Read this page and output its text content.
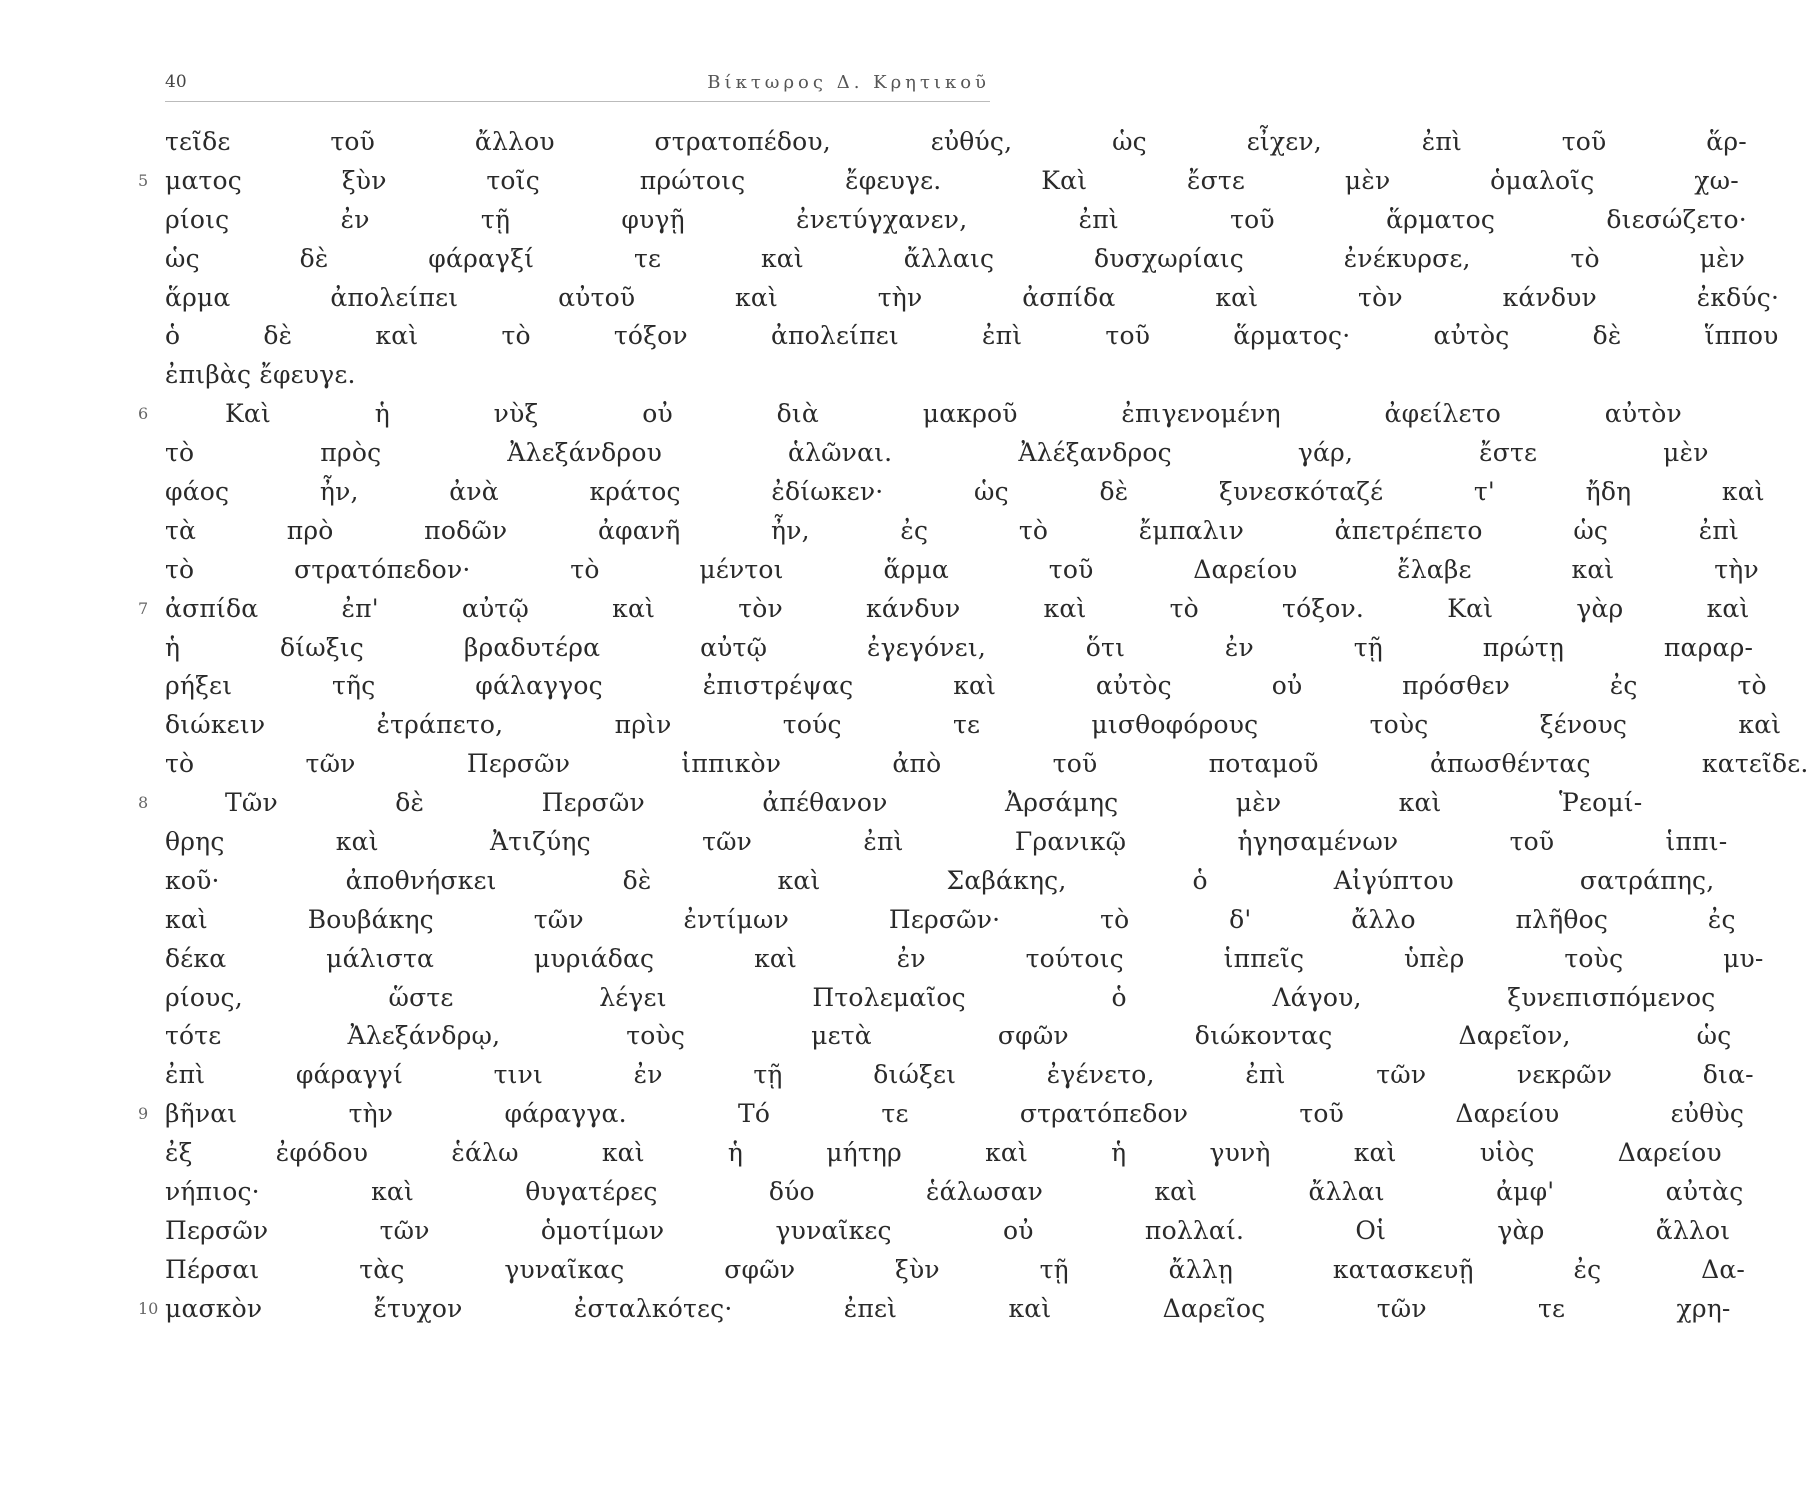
40	Βίκτωρος Δ. Κρητικοῦ
τεῖδε τοῦ ἄλλου στρατοπέδου, εὐθύς, ὡς εἶχεν, ἐπὶ τοῦ ἅρ-
5 ματος ξὺν τοῖς πρώτοις ἔφευγε. Καὶ ἔστε μὲν ὁμαλοῖς χω-
ρίοις ἐν τῇ φυγῇ ἐνετύγχανεν, ἐπὶ τοῦ ἅρματος διεσώζετο·
ὡς δὲ φάραγξί τε καὶ ἄλλαις δυσχωρίαις ἐνέκυρσε, τὸ μὲν
ἅρμα ἀπολείπει αὐτοῦ καὶ τὴν ἀσπίδα καὶ τὸν κάνδυν ἐκδύς·
ὁ δὲ καὶ τὸ τόξον ἀπολείπει ἐπὶ τοῦ ἅρματος· αὐτὸς δὲ ἵππου
ἐπιβὰς ἔφευγε.
6	Καὶ ἡ νὺξ οὐ διὰ μακροῦ ἐπιγενομένη ἀφείλετο αὐτὸν
τὸ πρὸς Ἀλεξάνδρου ἁλῶναι. Ἀλέξανδρος γάρ, ἔστε μὲν
φάος ἦν, ἀνὰ κράτος ἐδίωκεν· ὡς δὲ ξυνεσκόταζέ τ' ἤδη καὶ
τὰ πρὸ ποδῶν ἀφανῆ ἦν, ἐς τὸ ἔμπαλιν ἀπετρέπετο ὡς ἐπὶ
τὸ στρατόπεδον· τὸ μέντοι ἅρμα τοῦ Δαρείου ἔλαβε καὶ τὴν
7 ἀσπίδα ἐπ' αὐτῷ καὶ τὸν κάνδυν καὶ τὸ τόξον. Καὶ γὰρ καὶ
ἡ δίωξις βραδυτέρα αὐτῷ ἐγεγόνει, ὅτι ἐν τῇ πρώτῃ παραρ-
ρήξει τῆς φάλαγγος ἐπιστρέψας καὶ αὐτὸς οὐ πρόσθεν ἐς τὸ
διώκειν ἐτράπετο, πρὶν τούς τε μισθοφόρους τοὺς ξένους καὶ
τὸ τῶν Περσῶν ἱππικὸν ἀπὸ τοῦ ποταμοῦ ἀπωσθέντας κατεῖδε.
8	Τῶν δὲ Περσῶν ἀπέθανον Ἀρσάμης μὲν καὶ Ῥεομί-
θρης καὶ Ἀτιζύης τῶν ἐπὶ Γρανικῷ ἡγησαμένων τοῦ ἱππι-
κοῦ· ἀποθνήσκει δὲ καὶ Σαβάκης, ὁ Αἰγύπτου σατράπης,
καὶ Βουβάκης τῶν ἐντίμων Περσῶν· τὸ δ' ἄλλο πλῆθος ἐς
δέκα μάλιστα μυριάδας καὶ ἐν τούτοις ἱππεῖς ὑπὲρ τοὺς μυ-
ρίους, ὥστε λέγει Πτολεμαῖος ὁ Λάγου, ξυνεπισπόμενος
τότε Ἀλεξάνδρῳ, τοὺς μετὰ σφῶν διώκοντας Δαρεῖον, ὡς
ἐπὶ φάραγγί τινι ἐν τῇ διώξει ἐγένετο, ἐπὶ τῶν νεκρῶν δια-
9 βῆναι τὴν φάραγγα. Τό τε στρατόπεδον τοῦ Δαρείου εὐθὺς
ἐξ ἐφόδου ἑάλω καὶ ἡ μήτηρ καὶ ἡ γυνὴ καὶ υἱὸς Δαρείου
νήπιος· καὶ θυγατέρες δύο ἑάλωσαν καὶ ἄλλαι ἀμφ' αὐτὰς
Περσῶν τῶν ὁμοτίμων γυναῖκες οὐ πολλαί. Οἱ γὰρ ἄλλοι
Πέρσαι τὰς γυναῖκας σφῶν ξὺν τῇ ἄλλῃ κατασκευῇ ἐς Δα-
10 μασκὸν ἔτυχον ἐσταλκότες· ἐπεὶ καὶ Δαρεῖος τῶν τε χρη-
